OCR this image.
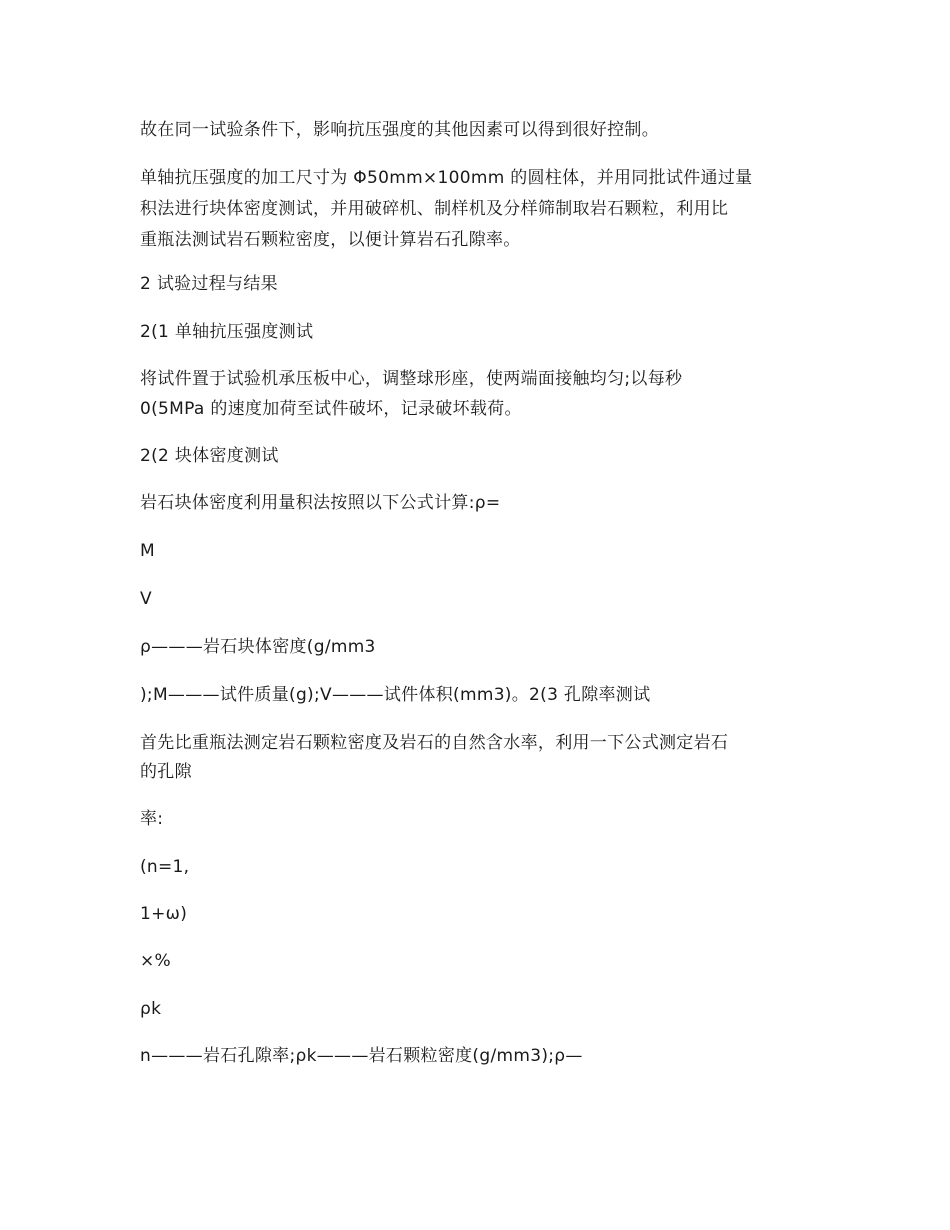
故在同一试验条件下，影响抗压强度的其他因素可以得到很好控制。
单轴抗压强度的加工尺寸为 Φ50mm×100mm 的圆柱体，并用同批试件通过量
积法进行块体密度测试，并用破碎机、制样机及分样筛制取岩石颗粒，利用比
重瓶法测试岩石颗粒密度，以便计算岩石孔隙率。
2 试验过程与结果
2(1 单轴抗压强度测试
将试件置于试验机承压板中心，调整球形座，使两端面接触均匀;以每秒
0(5MPa 的速度加荷至试件破坏，记录破坏载荷。
2(2 块体密度测试
岩石块体密度利用量积法按照以下公式计算:ρ=
M
V
ρ———岩石块体密度(g/mm3
);M———试件质量(g);V———试件体积(mm3)。2(3 孔隙率测试
首先比重瓶法测定岩石颗粒密度及岩石的自然含水率，利用一下公式测定岩石
的孔隙
率:
(n=1,
1+ω)
×%
ρk
n———岩石孔隙率;ρk———岩石颗粒密度(g/mm3);ρ—
